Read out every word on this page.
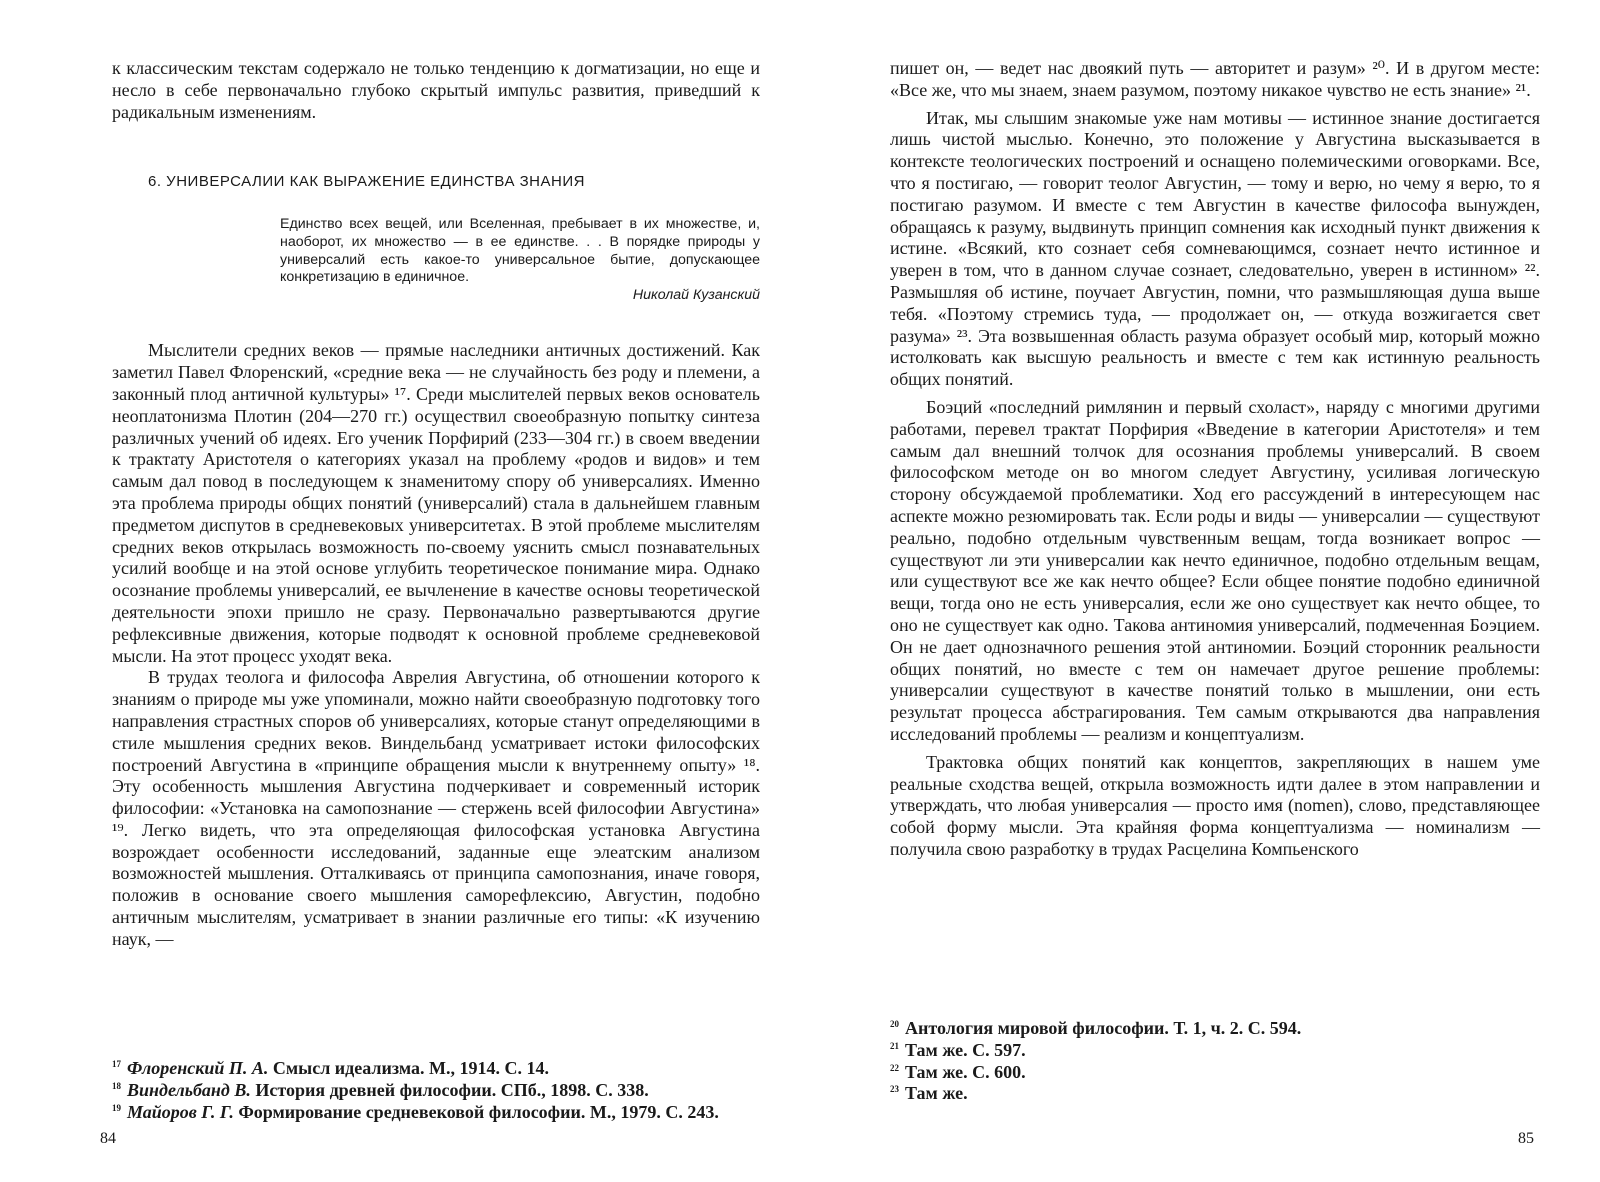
к классическим текстам содержало не только тенденцию к догматизации, но еще и несло в себе первоначально глубоко скрытый импульс развития, приведший к радикальным изменениям.

6. УНИВЕРСАЛИИ КАК ВЫРАЖЕНИЕ ЕДИНСТВА ЗНАНИЯ
Единство всех вещей, или Вселенная, пребывает в их множестве, и, наоборот, их множество — в ее единстве. . . В порядке природы у универсалий есть какое-то универсальное бытие, допускающее конкретизацию в единичное.
Николай Кузанский

Мыслители средних веков — прямые наследники античных достижений. Как заметил Павел Флоренский, «средние века — не случайность без роду и племени, а законный плод античной культуры» ¹⁷. Среди мыслителей первых веков основатель неоплатонизма Плотин (204—270 гг.) осуществил своеобразную попытку синтеза различных учений об идеях. Его ученик Порфирий (233—304 гг.) в своем введении к трактату Аристотеля о категориях указал на проблему «родов и видов» и тем самым дал повод в последующем к знаменитому спору об универсалиях. Именно эта проблема природы общих понятий (универсалий) стала в дальнейшем главным предметом диспутов в средневековых университетах. В этой проблеме мыслителям средних веков открылась возможность по-своему уяснить смысл познавательных усилий вообще и на этой основе углубить теоретическое понимание мира. Однако осознание проблемы универсалий, ее вычленение в качестве основы теоретической деятельности эпохи пришло не сразу. Первоначально развертываются другие рефлексивные движения, которые подводят к основной проблеме средневековой мысли. На этот процесс уходят века.

В трудах теолога и философа Аврелия Августина, об отношении которого к знаниям о природе мы уже упоминали, можно найти своеобразную подготовку того направления страстных споров об универсалиях, которые станут определяющими в стиле мышления средних веков. Виндельбанд усматривает истоки философских построений Августина в «принципе обращения мысли к внутреннему опыту» ¹⁸. Эту особенность мышления Августина подчеркивает и современный историк философии: «Установка на самопознание — стержень всей философии Августина» ¹⁹. Легко видеть, что эта определяющая философская установка Августина возрождает особенности исследований, заданные еще элеатским анализом возможностей мышления. Отталкиваясь от принципа самопознания, иначе говоря, положив в основание своего мышления саморефлексию, Августин, подобно античным мыслителям, усматривает в знании различные его типы: «К изучению наук, —

$^{17}$ Флоренский П. А. Смысл идеализма. М., 1914. С. 14.

$^{18}$ Виндельбанд В. История древней философии. СПб., 1898. С. 338.

$^{19}$ Майоров Г. Г. Формирование средневековой философии. М., 1979. С. 243.

84

пишет он, — ведет нас двоякий путь — авторитет и разум» ²⁰. И в другом месте: «Все же, что мы знаем, знаем разумом, поэтому никакое чувство не есть знание» ²¹.

Итак, мы слышим знакомые уже нам мотивы — истинное знание достигается лишь чистой мыслью. Конечно, это положение у Августина высказывается в контексте теологических построений и оснащено полемическими оговорками. Все, что я постигаю, — говорит теолог Августин, — тому и верю, но чему я верю, то я постигаю разумом. И вместе с тем Августин в качестве философа вынужден, обращаясь к разуму, выдвинуть принцип сомнения как исходный пункт движения к истине. «Всякий, кто сознает себя сомневающимся, сознает нечто истинное и уверен в том, что в данном случае сознает, следовательно, уверен в истинном» ²². Размышляя об истине, поучает Августин, помни, что размышляющая душа выше тебя. «Поэтому стремись туда, — продолжает он, — откуда возжигается свет разума» ²³. Эта возвышенная область разума образует особый мир, который можно истолковать как высшую реальность и вместе с тем как истинную реальность общих понятий.

Боэций «последний римлянин и первый схоласт», наряду с многими другими работами, перевел трактат Порфирия «Введение в категории Аристотеля» и тем самым дал внешний толчок для осознания проблемы универсалий. В своем философском методе он во многом следует Августину, усиливая логическую сторону обсуждаемой проблематики. Ход его рассуждений в интересующем нас аспекте можно резюмировать так. Если роды и виды — универсалии — существуют реально, подобно отдельным чувственным вещам, тогда возникает вопрос — существуют ли эти универсалии как нечто единичное, подобно отдельным вещам, или существуют все же как нечто общее? Если общее понятие подобно единичной вещи, тогда оно не есть универсалия, если же оно существует как нечто общее, то оно не существует как одно. Такова антиномия универсалий, подмеченная Боэцием. Он не дает однозначного решения этой антиномии. Боэций сторонник реальности общих понятий, но вместе с тем он намечает другое решение проблемы: универсалии существуют в качестве понятий только в мышлении, они есть результат процесса абстрагирования. Тем самым открываются два направления исследований проблемы — реализм и концептуализм.

Трактовка общих понятий как концептов, закрепляющих в нашем уме реальные сходства вещей, открыла возможность идти далее в этом направлении и утверждать, что любая универсалия — просто имя (nomen), слово, представляющее собой форму мысли. Эта крайняя форма концептуализма — номинализм — получила свою разработку в трудах Расцелина Компьенского

$^{20}$ Антология мировой философии. Т. 1, ч. 2. С. 594.

$^{21}$ Там же. С. 597.

$^{22}$ Там же. С. 600.

$^{23}$ Там же.

85
